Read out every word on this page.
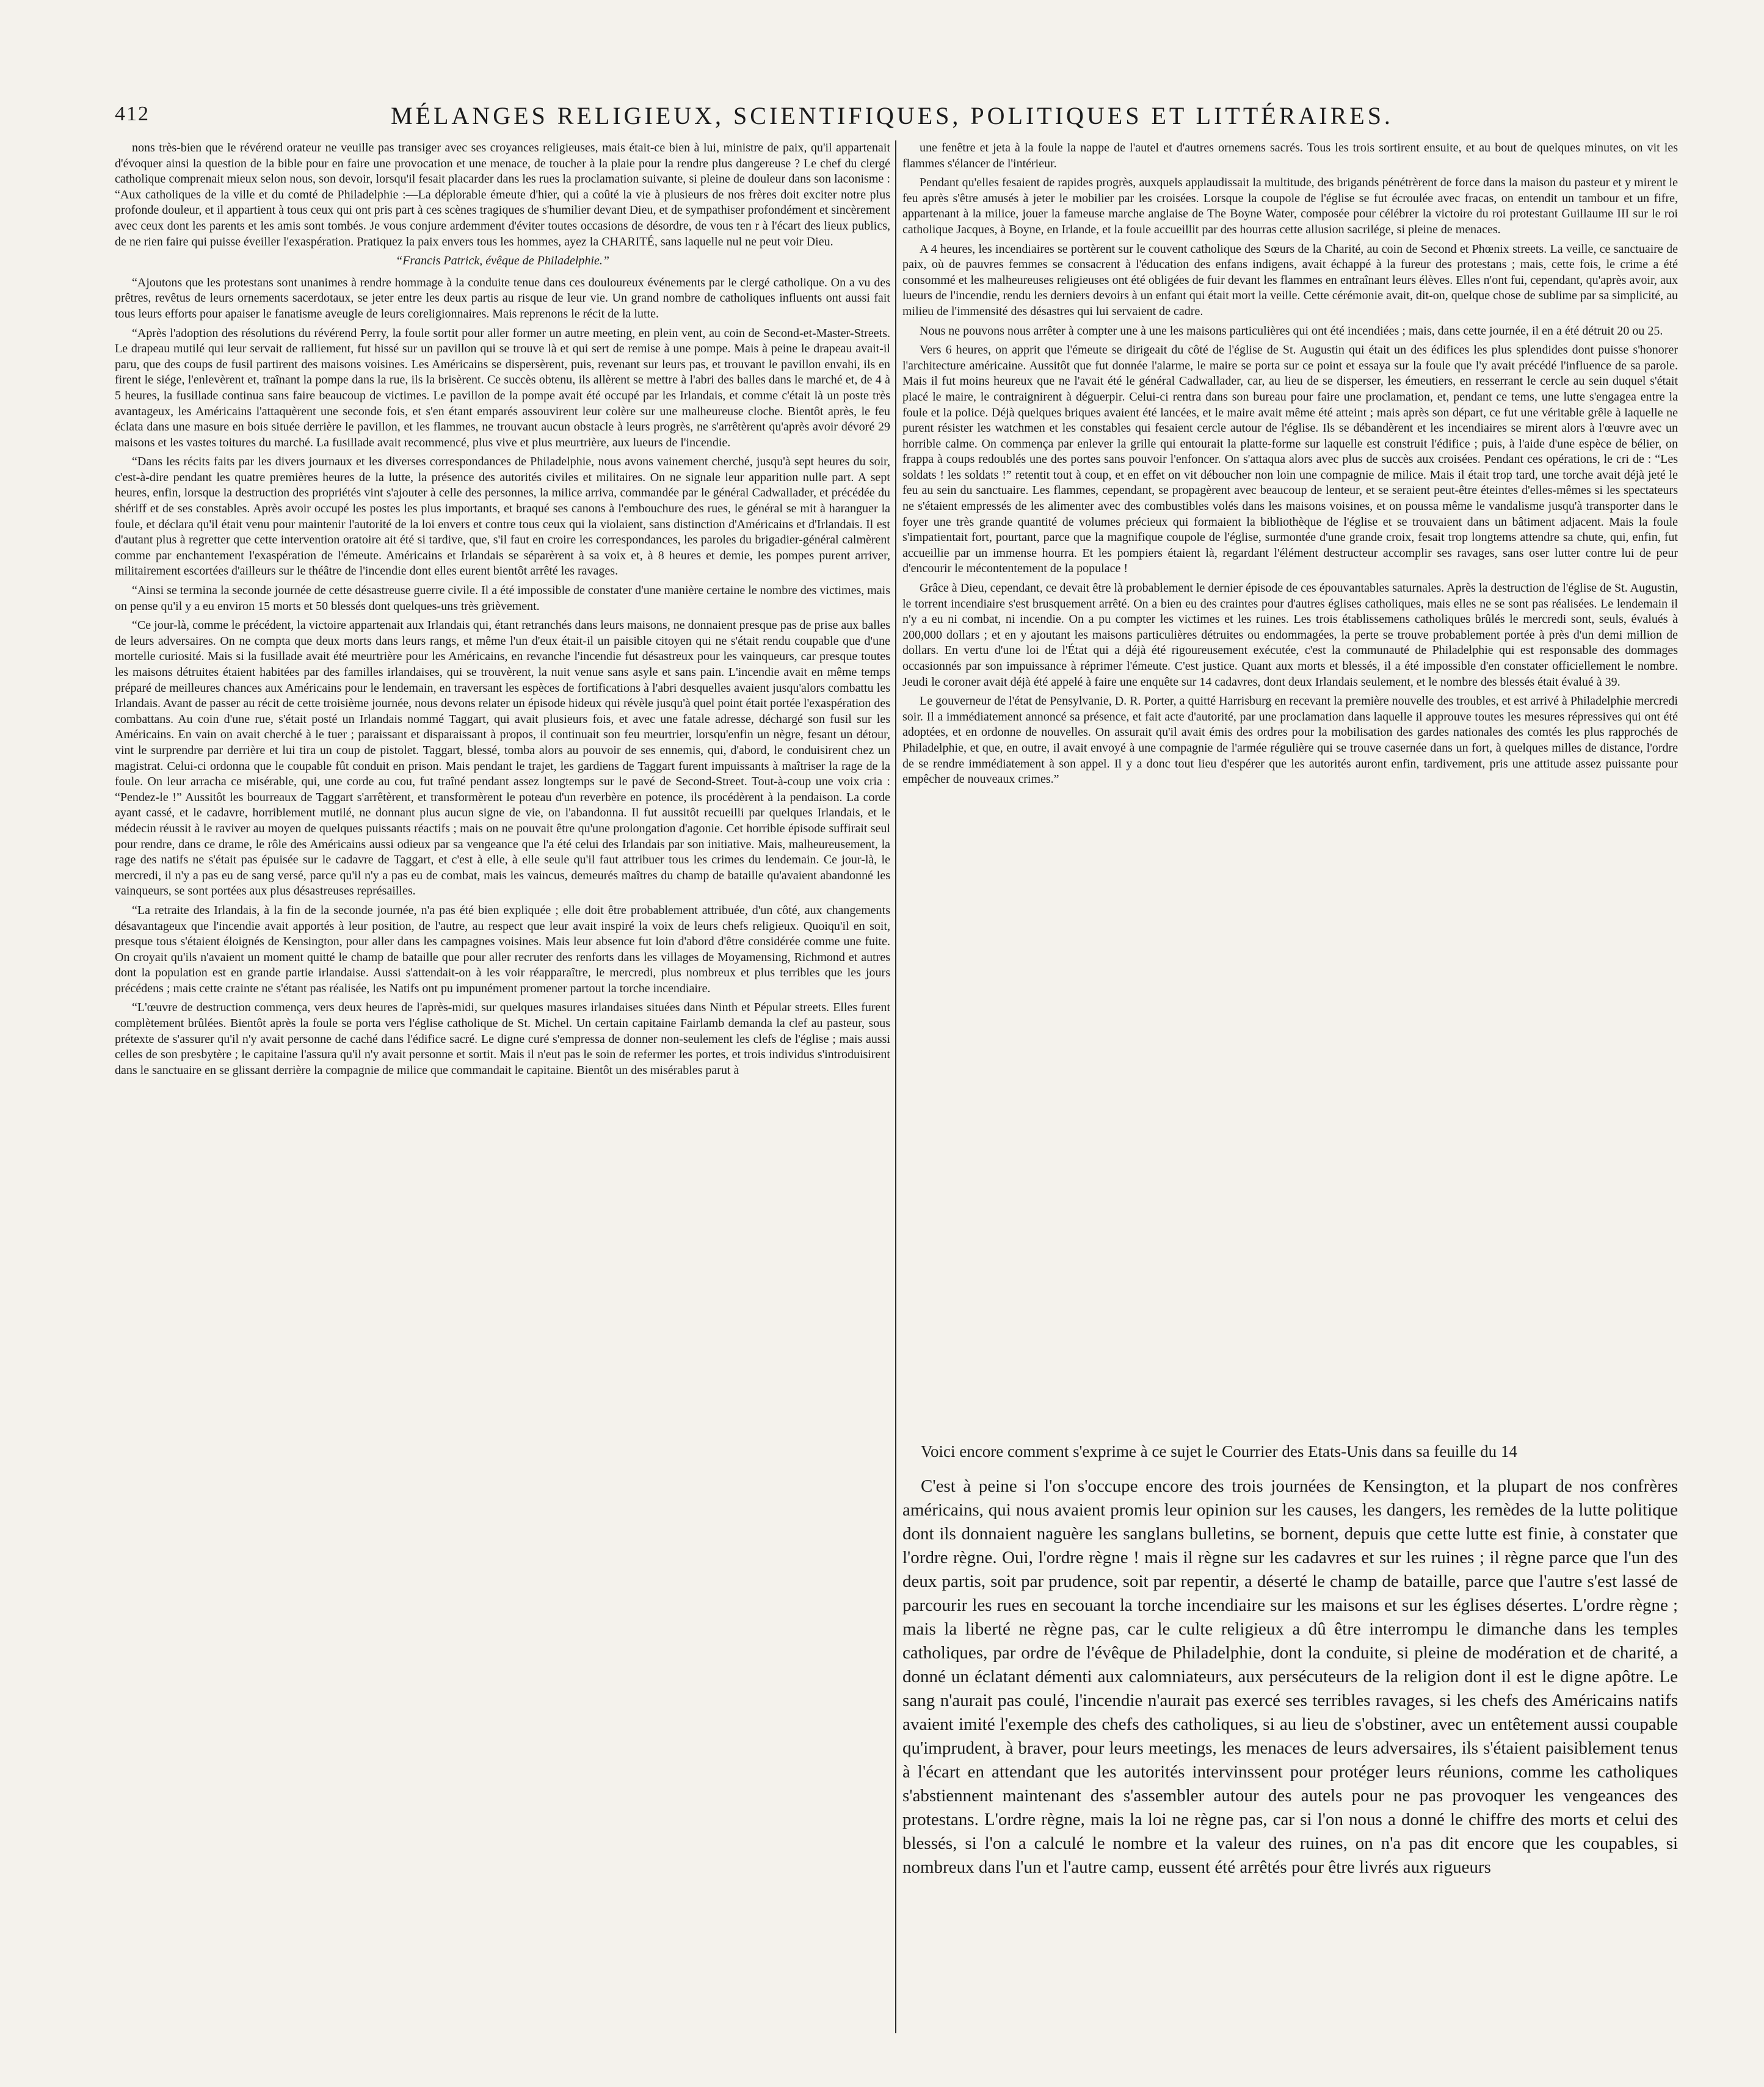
412	MÉLANGES RELIGIEUX, SCIENTIFIQUES, POLITIQUES ET LITTÉRAIRES.

nons très-bien que le révérend orateur ne veuille pas transiger avec ses croyances religieuses, mais était-ce bien à lui, ministre de paix, qu'il appartenait d'évoquer ainsi la question de la bible pour en faire une provocation et une menace, de toucher à la plaie pour la rendre plus dangereuse ? Le chef du clergé catholique comprenait mieux selon nous, son devoir, lorsqu'il fesait placarder dans les rues la proclamation suivante, si pleine de douleur dans son laconisme : “Aux catholiques de la ville et du comté de Philadelphie :—La déplorable émeute d'hier, qui a coûté la vie à plusieurs de nos frères doit exciter notre plus profonde douleur, et il appartient à tous ceux qui ont pris part à ces scènes tragiques de s'humilier devant Dieu, et de sympathiser profondément et sincèrement avec ceux dont les parents et les amis sont tombés. Je vous conjure ardemment d'éviter toutes occasions de désordre, de vous ten r à l'écart des lieux publics, de ne rien faire qui puisse éveiller l'exaspération. Pratiquez la paix envers tous les hommes, ayez la CHARITÉ, sans laquelle nul ne peut voir Dieu.

“Francis Patrick, évêque de Philadelphie.”

“Ajoutons que les protestans sont unanimes à rendre hommage à la conduite tenue dans ces douloureux événements par le clergé catholique. On a vu des prêtres, revêtus de leurs ornements sacerdotaux, se jeter entre les deux partis au risque de leur vie. Un grand nombre de catholiques influents ont aussi fait tous leurs efforts pour apaiser le fanatisme aveugle de leurs coreligionnaires. Mais reprenons le récit de la lutte.

“Après l'adoption des résolutions du révérend Perry, la foule sortit pour aller former un autre meeting, en plein vent, au coin de Second-et-Master-Streets. Le drapeau mutilé qui leur servait de ralliement, fut hissé sur un pavillon qui se trouve là et qui sert de remise à une pompe. Mais à peine le drapeau avait-il paru, que des coups de fusil partirent des maisons voisines. Les Américains se dispersèrent, puis, revenant sur leurs pas, et trouvant le pavillon envahi, ils en firent le siége, l'enlevèrent et, traînant la pompe dans la rue, ils la brisèrent. Ce succès obtenu, ils allèrent se mettre à l'abri des balles dans le marché et, de 4 à 5 heures, la fusillade continua sans faire beaucoup de victimes. Le pavillon de la pompe avait été occupé par les Irlandais, et comme c'était là un poste très avantageux, les Américains l'attaquèrent une seconde fois, et s'en étant emparés assouvirent leur colère sur une malheureuse cloche. Bientôt après, le feu éclata dans une masure en bois située derrière le pavillon, et les flammes, ne trouvant aucun obstacle à leurs progrès, ne s'arrêtèrent qu'après avoir dévoré 29 maisons et les vastes toitures du marché. La fusillade avait recommencé, plus vive et plus meurtrière, aux lueurs de l'incendie.

“Dans les récits faits par les divers journaux et les diverses correspondances de Philadelphie, nous avons vainement cherché, jusqu'à sept heures du soir, c'est-à-dire pendant les quatre premières heures de la lutte, la présence des autorités civiles et militaires. On ne signale leur apparition nulle part. A sept heures, enfin, lorsque la destruction des propriétés vint s'ajouter à celle des personnes, la milice arriva, commandée par le général Cadwallader, et précédée du shériff et de ses constables. Après avoir occupé les postes les plus importants, et braqué ses canons à l'embouchure des rues, le général se mit à haranguer la foule, et déclara qu'il était venu pour maintenir l'autorité de la loi envers et contre tous ceux qui la violaient, sans distinction d'Américains et d'Irlandais. Il est d'autant plus à regretter que cette intervention oratoire ait été si tardive, que, s'il faut en croire les correspondances, les paroles du brigadier-général calmèrent comme par enchantement l'exaspération de l'émeute. Américains et Irlandais se séparèrent à sa voix et, à 8 heures et demie, les pompes purent arriver, militairement escortées d'ailleurs sur le théâtre de l'incendie dont elles eurent bientôt arrêté les ravages.

“Ainsi se termina la seconde journée de cette désastreuse guerre civile. Il a été impossible de constater d'une manière certaine le nombre des victimes, mais on pense qu'il y a eu environ 15 morts et 50 blessés dont quelques-uns très grièvement.

“Ce jour-là, comme le précédent, la victoire appartenait aux Irlandais qui, étant retranchés dans leurs maisons, ne donnaient presque pas de prise aux balles de leurs adversaires. On ne compta que deux morts dans leurs rangs, et même l'un d'eux était-il un paisible citoyen qui ne s'était rendu coupable que d'une mortelle curiosité. Mais si la fusillade avait été meurtrière pour les Américains, en revanche l'incendie fut désastreux pour les vainqueurs, car presque toutes les maisons détruites étaient habitées par des familles irlandaises, qui se trouvèrent, la nuit venue sans asyle et sans pain. L'incendie avait en même temps préparé de meilleures chances aux Américains pour le lendemain, en traversant les espèces de fortifications à l'abri desquelles avaient jusqu'alors combattu les Irlandais. Avant de passer au récit de cette troisième journée, nous devons relater un épisode hideux qui révèle jusqu'à quel point était portée l'exaspération des combattans. Au coin d'une rue, s'était posté un Irlandais nommé Taggart, qui avait plusieurs fois, et avec une fatale adresse, déchargé son fusil sur les Américains. En vain on avait cherché à le tuer ; paraissant et disparaissant à propos, il continuait son feu meurtrier, lorsqu'enfin un nègre, fesant un détour, vint le surprendre par derrière et lui tira un coup de pistolet. Taggart, blessé, tomba alors au pouvoir de ses ennemis, qui, d'abord, le conduisirent chez un magistrat. Celui-ci ordonna que le coupable fût conduit en prison. Mais pendant le trajet, les gardiens de Taggart furent impuissants à maîtriser la rage de la foule. On leur arracha ce misérable, qui, une corde au cou, fut traîné pendant assez longtemps sur le pavé de Second-Street. Tout-à-coup une voix cria : “Pendez-le !” Aussitôt les bourreaux de Taggart s'arrêtèrent, et transformèrent le poteau d'un reverbère en potence, ils procédèrent à la pendaison. La corde ayant cassé, et le cadavre, horriblement mutilé, ne donnant plus aucun signe de vie, on l'abandonna. Il fut aussitôt recueilli par quelques Irlandais, et le médecin réussit à le raviver au moyen de quelques puissants réactifs ; mais on ne pouvait être qu'une prolongation d'agonie. Cet horrible épisode suffirait seul pour rendre, dans ce drame, le rôle des Américains aussi odieux par sa vengeance que l'a été celui des Irlandais par son initiative. Mais, malheureusement, la rage des natifs ne s'était pas épuisée sur le cadavre de Taggart, et c'est à elle, à elle seule qu'il faut attribuer tous les crimes du lendemain. Ce jour-là, le mercredi, il n'y a pas eu de sang versé, parce qu'il n'y a pas eu de combat, mais les vaincus, demeurés maîtres du champ de bataille qu'avaient abandonné les vainqueurs, se sont portées aux plus désastreuses représailles.

“La retraite des Irlandais, à la fin de la seconde journée, n'a pas été bien expliquée ; elle doit être probablement attribuée, d'un côté, aux changements désavantageux que l'incendie avait apportés à leur position, de l'autre, au respect que leur avait inspiré la voix de leurs chefs religieux. Quoiqu'il en soit, presque tous s'étaient éloignés de Kensington, pour aller dans les campagnes voisines. Mais leur absence fut loin d'abord d'être considérée comme une fuite. On croyait qu'ils n'avaient un moment quitté le champ de bataille que pour aller recruter des renforts dans les villages de Moyamensing, Richmond et autres dont la population est en grande partie irlandaise. Aussi s'attendait-on à les voir réapparaître, le mercredi, plus nombreux et plus terribles que les jours précédens ; mais cette crainte ne s'étant pas réalisée, les Natifs ont pu impunément promener partout la torche incendiaire.

“L'œuvre de destruction commença, vers deux heures de l'après-midi, sur quelques masures irlandaises situées dans Ninth et Pépular streets. Elles furent complètement brûlées. Bientôt après la foule se porta vers l'église catholique de St. Michel. Un certain capitaine Fairlamb demanda la clef au pasteur, sous prétexte de s'assurer qu'il n'y avait personne de caché dans l'édifice sacré. Le digne curé s'empressa de donner non-seulement les clefs de l'église ; mais aussi celles de son presbytère ; le capitaine l'assura qu'il n'y avait personne et sortit. Mais il n'eut pas le soin de refermer les portes, et trois individus s'introduisirent dans le sanctuaire en se glissant derrière la compagnie de milice que commandait le capitaine. Bientôt un des misérables parut à

une fenêtre et jeta à la foule la nappe de l'autel et d'autres ornemens sacrés. Tous les trois sortirent ensuite, et au bout de quelques minutes, on vit les flammes s'élancer de l'intérieur.

Pendant qu'elles fesaient de rapides progrès, auxquels applaudissait la multitude, des brigands pénétrèrent de force dans la maison du pasteur et y mirent le feu après s'être amusés à jeter le mobilier par les croisées. Lorsque la coupole de l'église se fut écroulée avec fracas, on entendit un tambour et un fifre, appartenant à la milice, jouer la fameuse marche anglaise de The Boyne Water, composée pour célébrer la victoire du roi protestant Guillaume III sur le roi catholique Jacques, à Boyne, en Irlande, et la foule accueillit par des hourras cette allusion sacrilége, si pleine de menaces.

A 4 heures, les incendiaires se portèrent sur le couvent catholique des Sœurs de la Charité, au coin de Second et Phœnix streets. La veille, ce sanctuaire de paix, où de pauvres femmes se consacrent à l'éducation des enfans indigens, avait échappé à la fureur des protestans ; mais, cette fois, le crime a été consommé et les malheureuses religieuses ont été obligées de fuir devant les flammes en entraînant leurs élèves. Elles n'ont fui, cependant, qu'après avoir, aux lueurs de l'incendie, rendu les derniers devoirs à un enfant qui était mort la veille. Cette cérémonie avait, dit-on, quelque chose de sublime par sa simplicité, au milieu de l'immensité des désastres qui lui servaient de cadre.

Nous ne pouvons nous arrêter à compter une à une les maisons particulières qui ont été incendiées ; mais, dans cette journée, il en a été détruit 20 ou 25.

Vers 6 heures, on apprit que l'émeute se dirigeait du côté de l'église de St. Augustin qui était un des édifices les plus splendides dont puisse s'honorer l'architecture américaine. Aussitôt que fut donnée l'alarme, le maire se porta sur ce point et essaya sur la foule que l'y avait précédé l'influence de sa parole. Mais il fut moins heureux que ne l'avait été le général Cadwallader, car, au lieu de se disperser, les émeutiers, en resserrant le cercle au sein duquel s'était placé le maire, le contraignirent à déguerpir. Celui-ci rentra dans son bureau pour faire une proclamation, et, pendant ce tems, une lutte s'engagea entre la foule et la police. Déjà quelques briques avaient été lancées, et le maire avait même été atteint ; mais après son départ, ce fut une véritable grêle à laquelle ne purent résister les watchmen et les constables qui fesaient cercle autour de l'église. Ils se débandèrent et les incendiaires se mirent alors à l'œuvre avec un horrible calme. On commença par enlever la grille qui entourait la platte-forme sur laquelle est construit l'édifice ; puis, à l'aide d'une espèce de bélier, on frappa à coups redoublés une des portes sans pouvoir l'enfoncer. On s'attaqua alors avec plus de succès aux croisées. Pendant ces opérations, le cri de : “Les soldats ! les soldats !” retentit tout à coup, et en effet on vit déboucher non loin une compagnie de milice. Mais il était trop tard, une torche avait déjà jeté le feu au sein du sanctuaire. Les flammes, cependant, se propagèrent avec beaucoup de lenteur, et se seraient peut-être éteintes d'elles-mêmes si les spectateurs ne s'étaient empressés de les alimenter avec des combustibles volés dans les maisons voisines, et on poussa même le vandalisme jusqu'à transporter dans le foyer une très grande quantité de volumes précieux qui formaient la bibliothèque de l'église et se trouvaient dans un bâtiment adjacent. Mais la foule s'impatientait fort, pourtant, parce que la magnifique coupole de l'église, surmontée d'une grande croix, fesait trop longtems attendre sa chute, qui, enfin, fut accueillie par un immense hourra. Et les pompiers étaient là, regardant l'élément destructeur accomplir ses ravages, sans oser lutter contre lui de peur d'encourir le mécontentement de la populace !

Grâce à Dieu, cependant, ce devait être là probablement le dernier épisode de ces épouvantables saturnales. Après la destruction de l'église de St. Augustin, le torrent incendiaire s'est brusquement arrêté. On a bien eu des craintes pour d'autres églises catholiques, mais elles ne se sont pas réalisées. Le lendemain il n'y a eu ni combat, ni incendie. On a pu compter les victimes et les ruines. Les trois établissemens catholiques brûlés le mercredi sont, seuls, évalués à 200,000 dollars ; et en y ajoutant les maisons particulières détruites ou endommagées, la perte se trouve probablement portée à près d'un demi million de dollars. En vertu d'une loi de l'État qui a déjà été rigoureusement exécutée, c'est la communauté de Philadelphie qui est responsable des dommages occasionnés par son impuissance à réprimer l'émeute. C'est justice. Quant aux morts et blessés, il a été impossible d'en constater officiellement le nombre. Jeudi le coroner avait déjà été appelé à faire une enquête sur 14 cadavres, dont deux Irlandais seulement, et le nombre des blessés était évalué à 39.

Le gouverneur de l'état de Pensylvanie, D. R. Porter, a quitté Harrisburg en recevant la première nouvelle des troubles, et est arrivé à Philadelphie mercredi soir. Il a immédiatement annoncé sa présence, et fait acte d'autorité, par une proclamation dans laquelle il approuve toutes les mesures répressives qui ont été adoptées, et en ordonne de nouvelles. On assurait qu'il avait émis des ordres pour la mobilisation des gardes nationales des comtés les plus rapprochés de Philadelphie, et que, en outre, il avait envoyé à une compagnie de l'armée régulière qui se trouve casernée dans un fort, à quelques milles de distance, l'ordre de se rendre immédiatement à son appel. Il y a donc tout lieu d'espérer que les autorités auront enfin, tardivement, pris une attitude assez puissante pour empêcher de nouveaux crimes.”

Voici encore comment s'exprime à ce sujet le Courrier des Etats-Unis dans sa feuille du 14

C'est à peine si l'on s'occupe encore des trois journées de Kensington, et la plupart de nos confrères américains, qui nous avaient promis leur opinion sur les causes, les dangers, les remèdes de la lutte politique dont ils donnaient naguère les sanglans bulletins, se bornent, depuis que cette lutte est finie, à constater que l'ordre règne. Oui, l'ordre règne ! mais il règne sur les cadavres et sur les ruines ; il règne parce que l'un des deux partis, soit par prudence, soit par repentir, a déserté le champ de bataille, parce que l'autre s'est lassé de parcourir les rues en secouant la torche incendiaire sur les maisons et sur les églises désertes. L'ordre règne ; mais la liberté ne règne pas, car le culte religieux a dû être interrompu le dimanche dans les temples catholiques, par ordre de l'évêque de Philadelphie, dont la conduite, si pleine de modération et de charité, a donné un éclatant démenti aux calomniateurs, aux persécuteurs de la religion dont il est le digne apôtre. Le sang n'aurait pas coulé, l'incendie n'aurait pas exercé ses terribles ravages, si les chefs des Américains natifs avaient imité l'exemple des chefs des catholiques, si au lieu de s'obstiner, avec un entêtement aussi coupable qu'imprudent, à braver, pour leurs meetings, les menaces de leurs adversaires, ils s'étaient paisiblement tenus à l'écart en attendant que les autorités intervinssent pour protéger leurs réunions, comme les catholiques s'abstiennent maintenant des s'assembler autour des autels pour ne pas provoquer les vengeances des protestans. L'ordre règne, mais la loi ne règne pas, car si l'on nous a donné le chiffre des morts et celui des blessés, si l'on a calculé le nombre et la valeur des ruines, on n'a pas dit encore que les coupables, si nombreux dans l'un et l'autre camp, eussent été arrêtés pour être livrés aux rigueurs
